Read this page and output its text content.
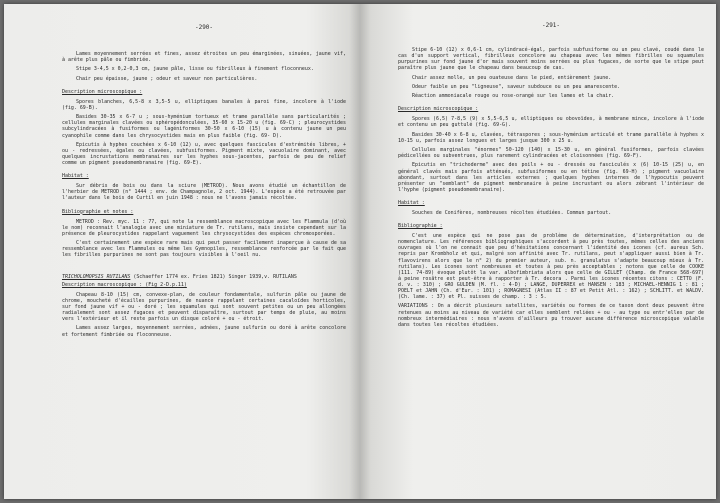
-290-

Lames moyennement serrées et fines, assez étroites un peu émarginées, sinuées, jaune vif, à arête plus pâle ou fimbriée.

Stipe 3-4,5 x 0,2-0,3 cm, jaune pâle, lisse ou fibrilleux à finement floconneux.

Chair peu épaisse, jaune ; odeur et saveur non particulières.

Description microscopique :

Spores blanches, 6,5-8 x 3,5-5 u, elliptiques banales à paroi fine, incolore à l'iode (fig. 69-B).

Basides 30-35 x 6-7 u ; sous-hyménium tortueux et trame parallèle sans particularités ; cellules marginales clavées ou sphéropédonculées, 35-60 x 15-20 u (fig. 69-C) ; pleurocystides subcylindracées à fusiformes ou lagéniformes 30-50 x 6-10 (15) u à contenu jaune un peu cyanophile comme dans les chrysocystides mais en plus faible (fig. 69- D).

Epicutis à hyphes couchées x 6-10 (12) u, avec quelques fascicules d'extrémités libres, + ou - redressées, égales ou clavées, subfusiformes. Pigment mixte, vacuolaire dominant, avec quelques incrustations membranaires sur les hyphes sous-jacentes, parfois de peu de relief comme un pigment pseudomembranaire (fig. 69-E).

Habitat :

Sur débris de bois ou dans la sciure (METROD). Nous avons étudié un échantillon de l'herbier de METROD (n° 1444 ; env. de Champagnole, 2 oct. 1944). L'espèce a été retrouvée par l'auteur dans le bois de Curtil en juin 1948 : nous ne l'avons jamais récoltée.

Bibliographie et notes :

METROD : Rev. myc. 11 : 77, qui note la ressemblance macroscopique avec les Flammula (d'où le nom) reconnait l'analogie avec une miniature de Tr. rutilans, mais insiste cependant sur la présence de pleurocystides rappelant vaguement les chrysocystides des espèces chromosporées.

C'est certainement une espèce rare mais qui peut passer facilement inaperçue à cause de sa ressemblance avec les Flammules ou même les Gymnopiles, ressemblance renforcée par le fait que les fibrilles purpurines ne sont pas toujours visibles à l'oeil nu.

TRICHOLOMOPSIS RUTILANS (Schaeffer 1774 ex. Fries 1821) Singer 1939,v. RUTILANS
Description macroscopique : (Fig 2-D.p.11)

Chapeau 8-10 (15) cm, convexe-plan, de couleur fondamentale, sulfurin pâle ou jaune de chrome, moucheté d'écailles purpurines, de nuance rappelant certaines cacaloïdes horticoles, sur fond jaune vif + ou - doré ; les squamules qui sont souvent petites ou un peu allongées radialement sont assez fugaces et peuvent disparaître, surtout par temps de pluie, au moins vers l'extérieur et il reste parfois un disque coloré + ou - étroit.

Lames assez larges, moyennement serrées, adnées, jaune sulfurin ou doré à arête concolore et fortement fimbriée ou floconneuse.

-291-

Stipe 6-10 (12) x 0,6-1 cm, cylindracé-égal, parfois subfusiforme ou un peu clavé, coudé dans le cas d'un support vertical, fibrilleux concolore au chapeau avec les mêmes fibrilles ou squamules purpurines sur fond jaune d'or mais souvent moins serrées ou plus fugaces, de sorte que le stipe peut paraître plus jaune que le chapeau dans beaucoup de cas.

Chair assez molle, un peu ouateuse dans le pied, entièrement jaune.

Odeur faible un peu "ligneuse", saveur subdouce ou un peu amarescente.

Réaction ammoniacale rouge ou rose-orangé sur les lames et la chair.

Description microscopique :

Spores (6,5) 7-8,5 (9) x 5,5-6,5 u, elliptiques ou obovoïdes, à membrane mince, incolore à l'iode et contenu un peu guttulé (fig. 69-G).

Basides 30-40 x 6-8 u, clavées, tétraspores ; sous-hyménium articulé et trame parallèle à hyphes x 10-15 u, parfois assez longues et larges jusque 300 x 25 u.

Cellules marginales "énormes" 50-120 (140) x 15-30 u, en général fusiformes, parfois clavées pédicellées ou subventrues, plus rarement cylindracées et cloisonnées (fig. 69-F).

Epicutis en "trichoderme" avec des poils + ou - dressés ou fasciculés x (6) 10-15 (25) u, en général clavés mais parfois atténués, subfusiformes ou en tétine (fig. 69-H) ; pigment vacuolaire abondant, surtout dans les articles externes ; quelques hyphes internes de l'hypocutis peuvent présenter un "semblant" de pigment membranaire à peine incrustant ou alors zébrant l'intérieur de l'hyphe (pigment pseudomembranaire).

Habitat :

Souches de Conifères, nombreuses récoltes étudiées. Commun partout.

Bibliographie :

C'est une espèce qui ne pose pas de problème de détermination, d'interprétation ou de nomenclature. Les références bibliographiques s'accordent à peu près toutes, mêmes celles des anciens ouvrages où l'on ne connait que peu d'hésitations concernant l'identité des icones (cf. aureus Sch. repris par Krombholz et qui, malgré son affinité avec Tr. rutilans, peut s'appliquer aussi bien à Tr. flavovirens alors que le n° 2) du premier auteur, sub. n. granulatus s'adapte beaucoup mieux à Tr. rutilans). Les icones sont nombreuses et toutes à peu près acceptables ; notons que celle de COOKE (111. 74-89) évoque plutôt la var. albofimbriata alors que celle de GILLET (Champ. de France 568-697) à peine rosâtre est peut-être à rapporter à Tr. decora . Parmi les icones récentes citons : CETTO (F. d. v. : 310) ; GRO GULDEN (M. fl. : 4-D) ; LANGE, DUPERREX et HANSEN : 183 ; MICHAEL-HENNIG 1 : 81 ; POELT et JAHN (Ch. d'Eur. : 101) ; ROMAGNESI (Atlas II : 87 et Petit Atl. : 162) ; SCHLITT. et WALDV. (Ch. lame. : 37) et Pl. suisses de champ. : 3 : 5.

VARIATIONS : On a décrit plusieurs satellites, variétés ou formes de ce taxon dont deux peuvent être retenues au moins au niveau de variété car elles semblent reliées + ou - au type ou entr'elles par de nombreux intermédiaires : nous n'avons d'ailleurs pu trouver aucune différence microscopique valable dans toutes les récoltes étudiées.
